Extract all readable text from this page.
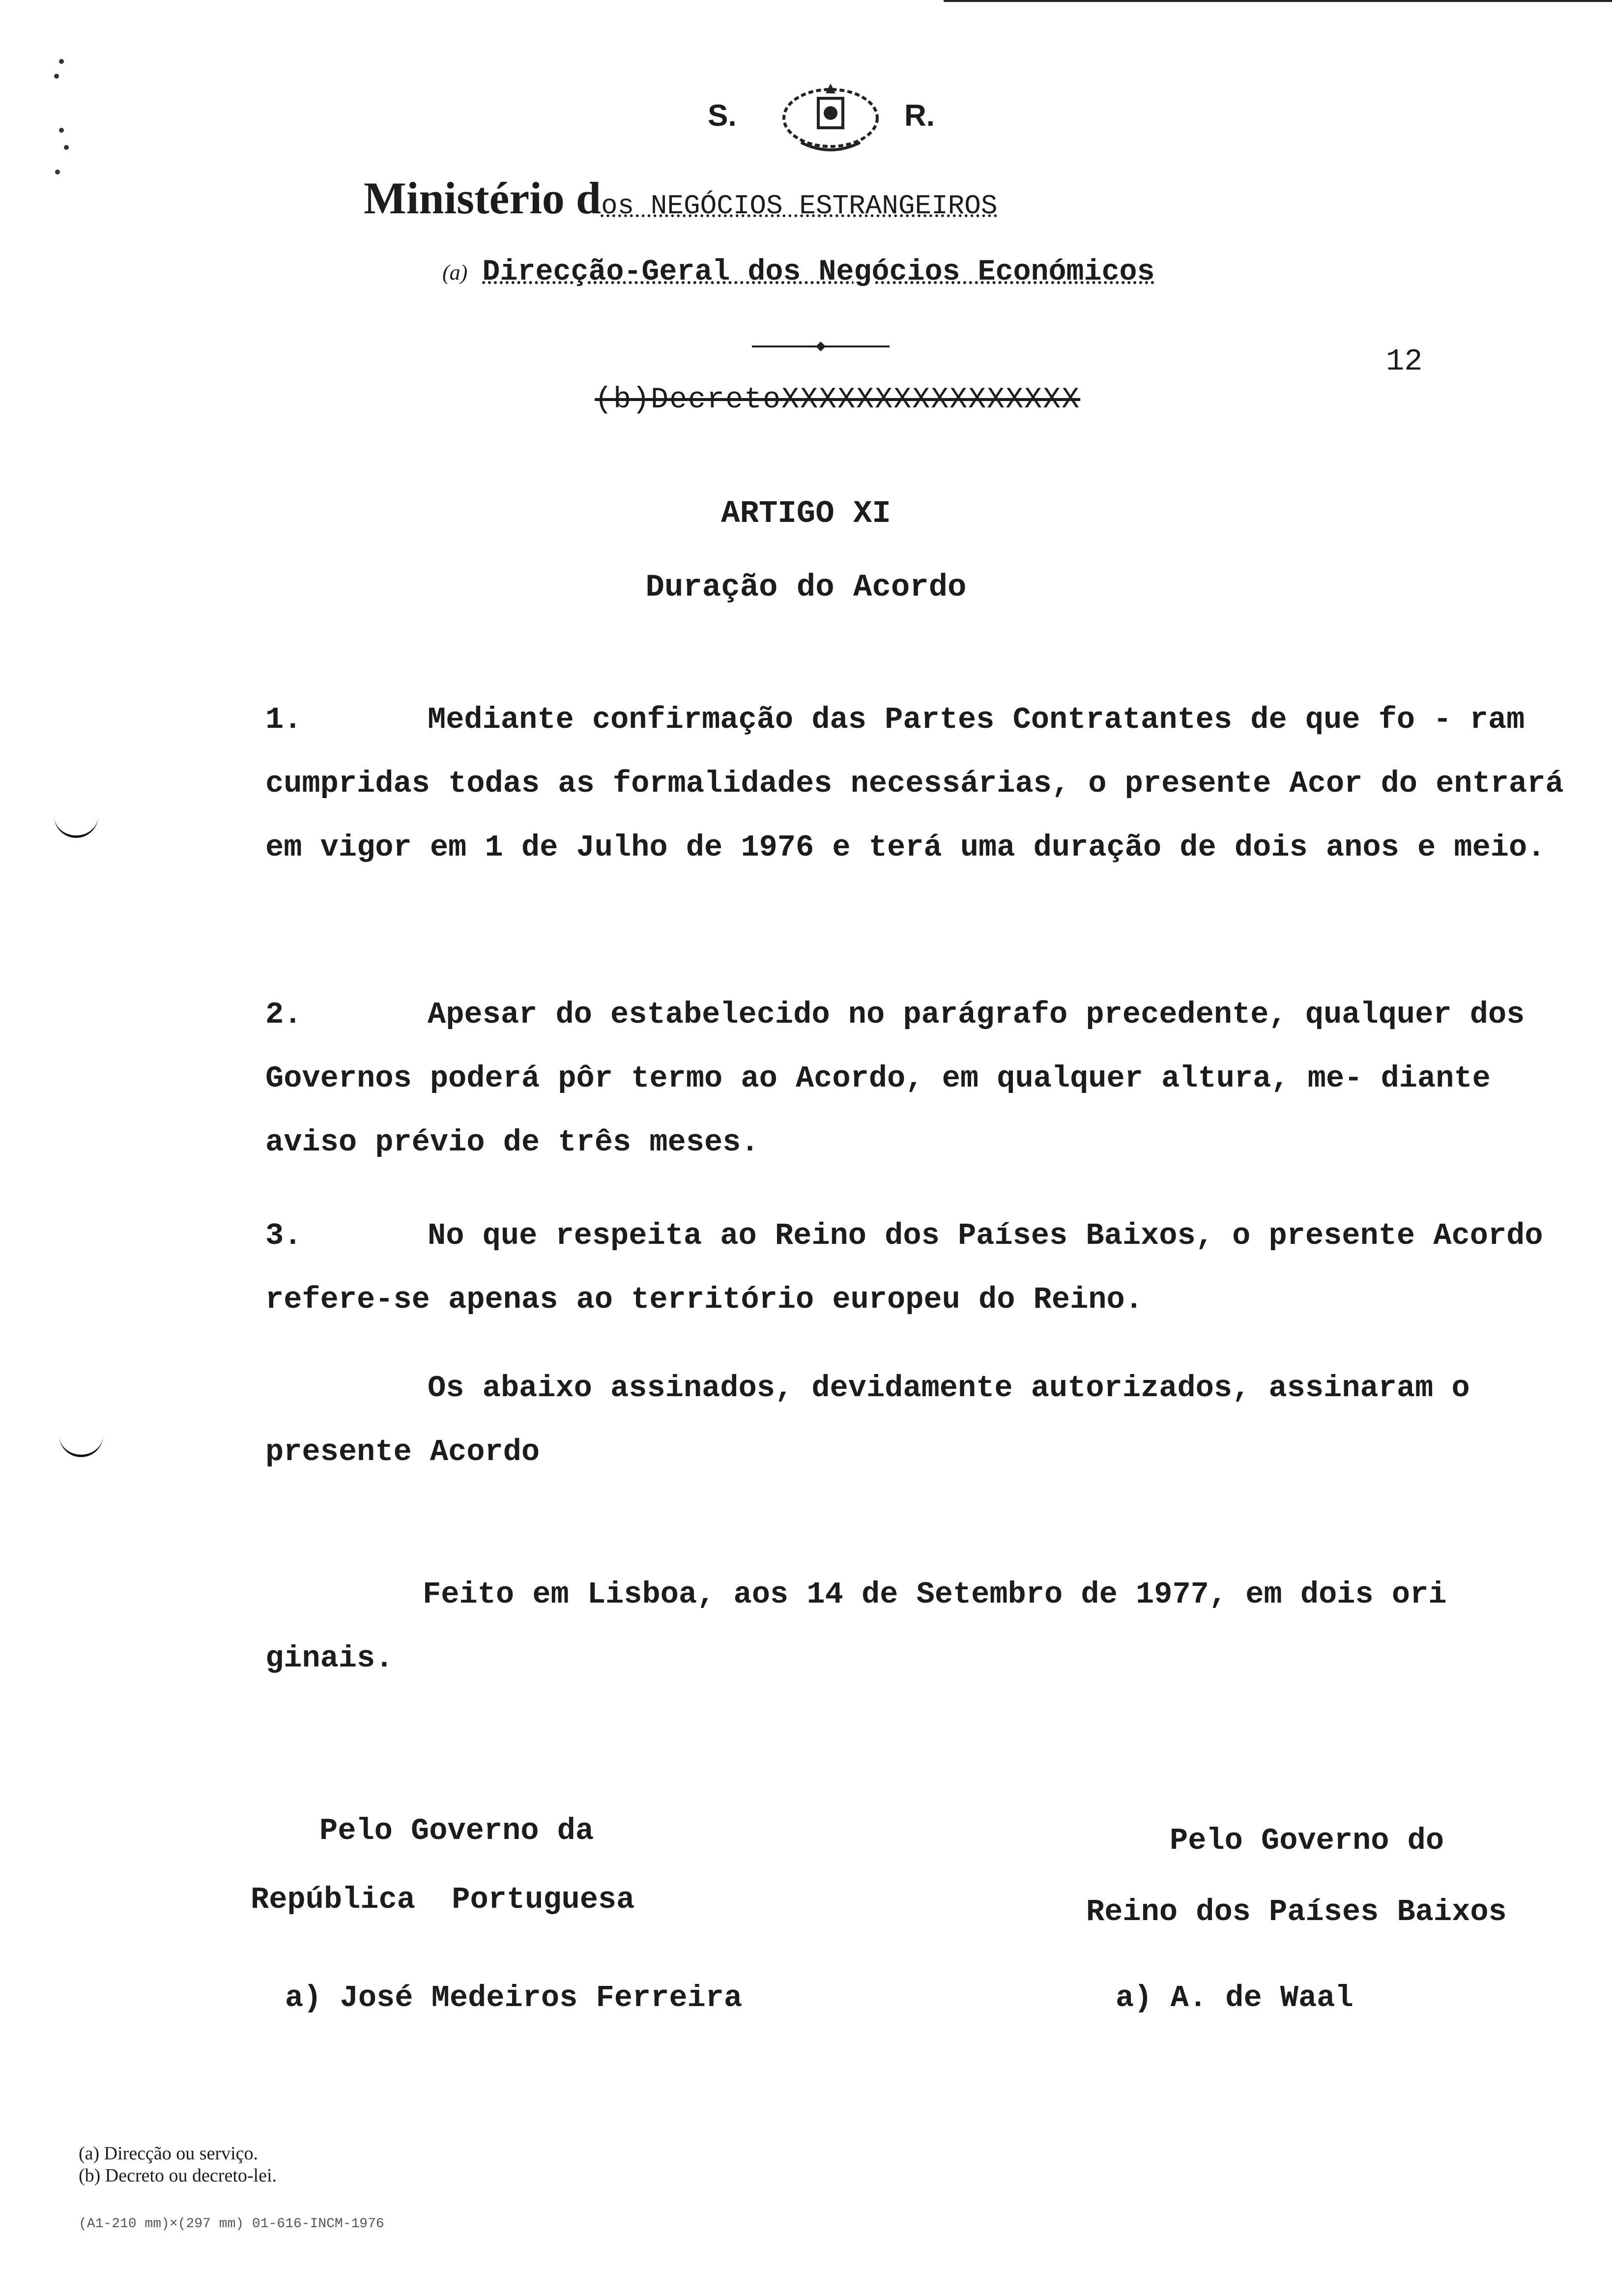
S.	R.
Ministério dos NEGÓCIOS ESTRANGEIROS
(a) Direcção-Geral dos Negócios Económicos
12
(b)DecretoXXXXXXXXXXXXXXXX
ARTIGO XI
Duração do Acordo
1.	Mediante confirmação das Partes Contratantes de que fo - ram cumpridas todas as formalidades necessárias, o presente Acor do entrará em vigor em 1 de Julho de 1976 e terá uma duração de dois anos e meio.
2.	Apesar do estabelecido no parágrafo precedente, qualquer dos Governos poderá pôr termo ao Acordo, em qualquer altura, me- diante aviso prévio de três meses.
3.	No que respeita ao Reino dos Países Baixos, o presente Acordo refere-se apenas ao território europeu do Reino.
Os abaixo assinados, devidamente autorizados, assinaram o presente Acordo
Feito em Lisboa, aos 14 de Setembro de 1977, em dois ori ginais.
Pelo Governo da
República  Portuguesa
a) José Medeiros Ferreira
Pelo Governo do
Reino dos Países Baixos
a) A. de Waal
(a) Direcção ou serviço.
(b) Decreto ou decreto-lei.
(A1-210 mm)×(297 mm) 01-616-INCM-1976
